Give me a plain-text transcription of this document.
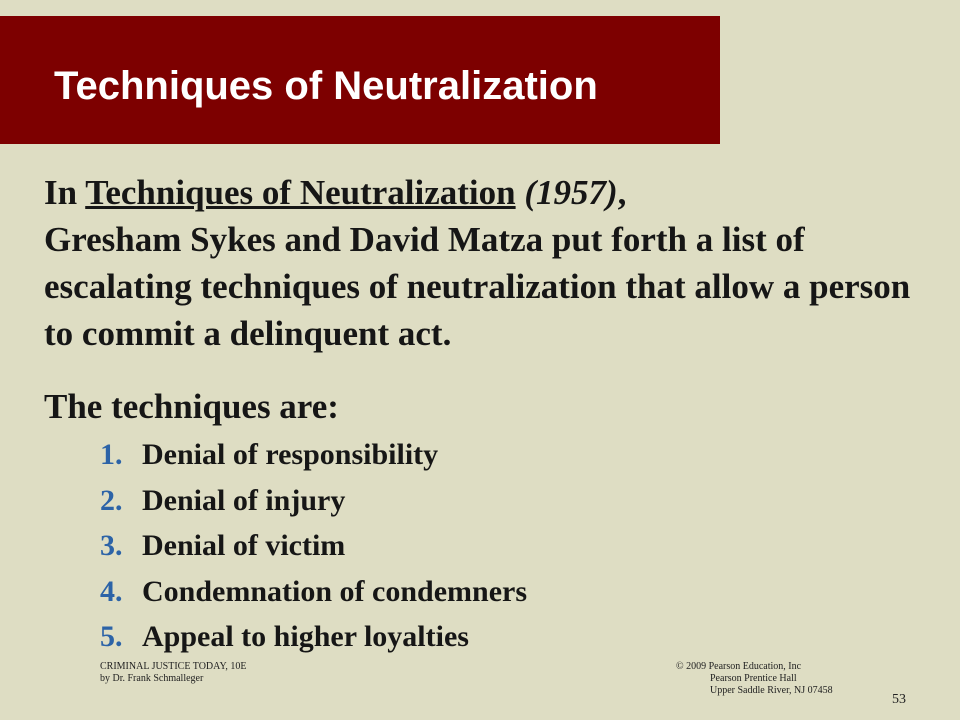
Techniques of Neutralization

In Techniques of Neutralization (1957),
Gresham Sykes and David Matza put forth a list of escalating techniques of neutralization that allow a person to commit a delinquent act.

The techniques are:
1. Denial of responsibility
2. Denial of injury
3. Denial of victim
4. Condemnation of condemners
5. Appeal to higher loyalties
CRIMINAL JUSTICE TODAY, 10E
by Dr. Frank Schmalleger
© 2009 Pearson Education, Inc
Pearson Prentice Hall
Upper Saddle River, NJ 07458
53
